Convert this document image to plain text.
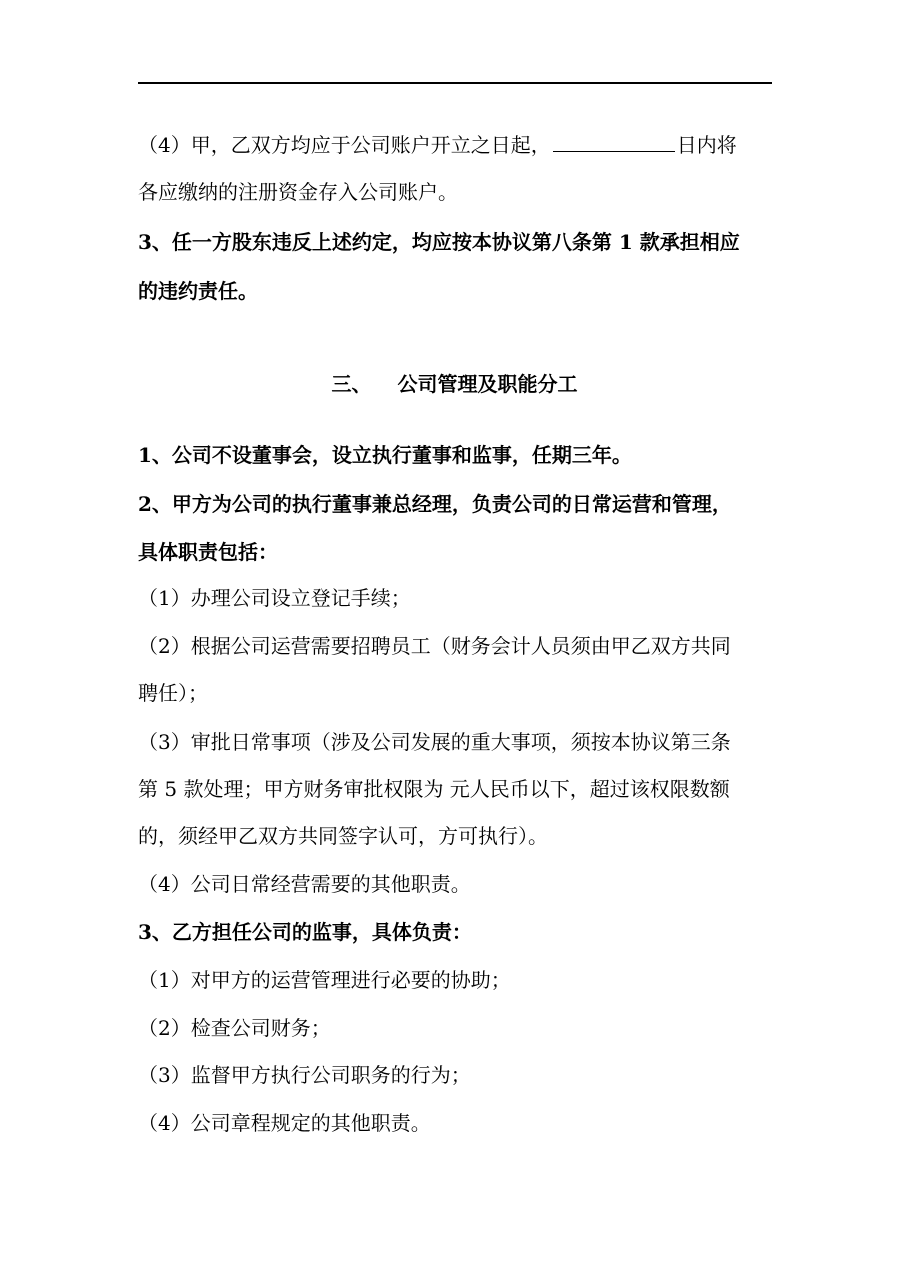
（4）甲，乙双方均应于公司账户开立之日起，	日内将
各应缴纳的注册资金存入公司账户。
3、任一方股东违反上述约定，均应按本协议第八条第 1 款承担相应
的违约责任。
三、 公司管理及职能分工
1、公司不设董事会，设立执行董事和监事，任期三年。
2、甲方为公司的执行董事兼总经理，负责公司的日常运营和管理，
具体职责包括：
（1）办理公司设立登记手续；
（2）根据公司运营需要招聘员工（财务会计人员须由甲乙双方共同
聘任）；
（3）审批日常事项（涉及公司发展的重大事项，须按本协议第三条
第 5 款处理；甲方财务审批权限为 元人民币以下，超过该权限数额
的，须经甲乙双方共同签字认可，方可执行）。
（4）公司日常经营需要的其他职责。
3、乙方担任公司的监事，具体负责：
（1）对甲方的运营管理进行必要的协助；
（2）检查公司财务；
（3）监督甲方执行公司职务的行为；
（4）公司章程规定的其他职责。
